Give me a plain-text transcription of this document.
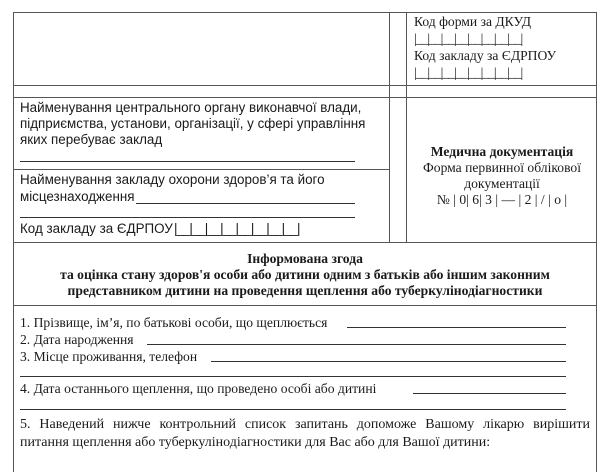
Код форми за ДКУД
|__|__|__|__|__|__|__|__|
Код закладу за ЄДРПОУ
|__|__|__|__|__|__|__|__|
Найменування центрального органу виконавчої влади,
підприємства, установи, організації, у сфері управління
яких перебуває заклад
Найменування закладу охорони здоров’я та його
місцезнаходження
Код закладу за ЄДРПОУ |__|__|__|__|__|__|__|__|
Медична документація
Форма первинної облікової
документації
№ | 0| 6| 3 | — | 2 | / | о |
Інформована згода
та оцінка стану здоров'я особи або дитини одним з батьків або іншим законним
представником дитини на проведення щеплення або туберкулінодіагностики
1. Прізвище, ім’я, по батькові особи, що щеплюється
2. Дата народження
3. Місце проживання, телефон
4. Дата останнього щеплення, що проведено особі або дитині
5. Наведений нижче контрольний список запитань допоможе Вашому лікарю вирішити питання щеплення або туберкулінодіагностики для Вас або для Вашої дитини:
